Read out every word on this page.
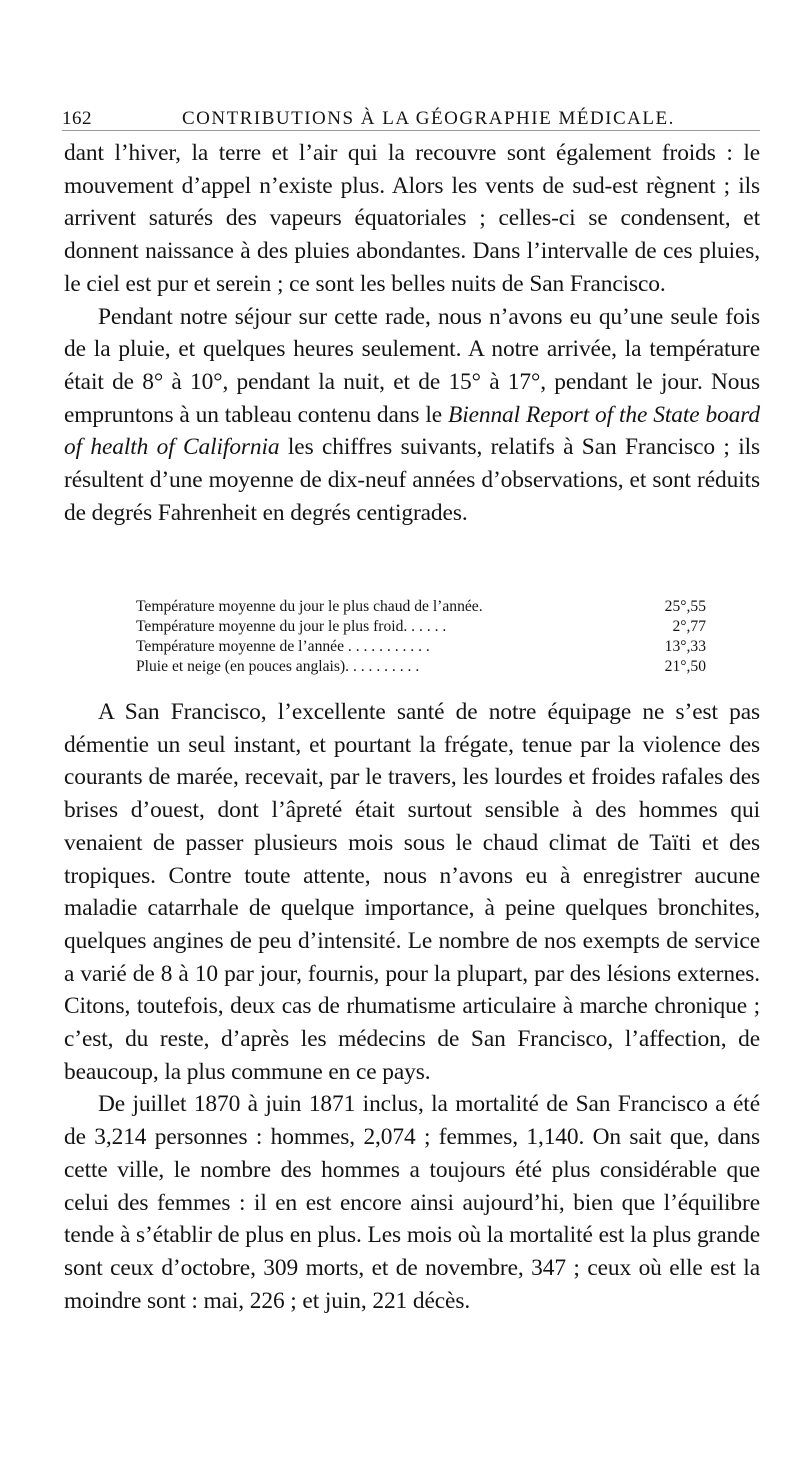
162	CONTRIBUTIONS À LA GÉOGRAPHIE MÉDICALE.

dant l’hiver, la terre et l’air qui la recouvre sont également froids : le mouvement d’appel n’existe plus. Alors les vents de sud-est règnent ; ils arrivent saturés des vapeurs équatoriales ; celles-ci se condensent, et donnent naissance à des pluies abondantes. Dans l’intervalle de ces pluies, le ciel est pur et serein ; ce sont les belles nuits de San Francisco.

Pendant notre séjour sur cette rade, nous n’avons eu qu’une seule fois de la pluie, et quelques heures seulement. A notre arrivée, la température était de 8° à 10°, pendant la nuit, et de 15° à 17°, pendant le jour. Nous empruntons à un tableau contenu dans le Biennal Report of the State board of health of California les chiffres suivants, relatifs à San Francisco ; ils résultent d’une moyenne de dix-neuf années d’observations, et sont réduits de degrés Fahrenheit en degrés centigrades.

Température moyenne du jour le plus chaud de l’année.	25°,55
Température moyenne du jour le plus froid. . . . . .	2°,77
Température moyenne de l’année . . . . . . . . . . .	13°,33
Pluie et neige (en pouces anglais). . . . . . . . . .	21°,50

A San Francisco, l’excellente santé de notre équipage ne s’est pas démentie un seul instant, et pourtant la frégate, tenue par la violence des courants de marée, recevait, par le travers, les lourdes et froides rafales des brises d’ouest, dont l’âpreté était surtout sensible à des hommes qui venaient de passer plusieurs mois sous le chaud climat de Taïti et des tropiques. Contre toute attente, nous n’avons eu à enregistrer aucune maladie catarrhale de quelque importance, à peine quelques bronchites, quelques angines de peu d’intensité. Le nombre de nos exempts de service a varié de 8 à 10 par jour, fournis, pour la plupart, par des lésions externes. Citons, toutefois, deux cas de rhumatisme articulaire à marche chronique ; c’est, du reste, d’après les médecins de San Francisco, l’affection, de beaucoup, la plus commune en ce pays.

De juillet 1870 à juin 1871 inclus, la mortalité de San Francisco a été de 3,214 personnes : hommes, 2,074 ; femmes, 1,140. On sait que, dans cette ville, le nombre des hommes a toujours été plus considérable que celui des femmes : il en est encore ainsi aujourd’hi, bien que l’équilibre tende à s’établir de plus en plus. Les mois où la mortalité est la plus grande sont ceux d’octobre, 309 morts, et de novembre, 347 ; ceux où elle est la moindre sont : mai, 226 ; et juin, 221 décès.
